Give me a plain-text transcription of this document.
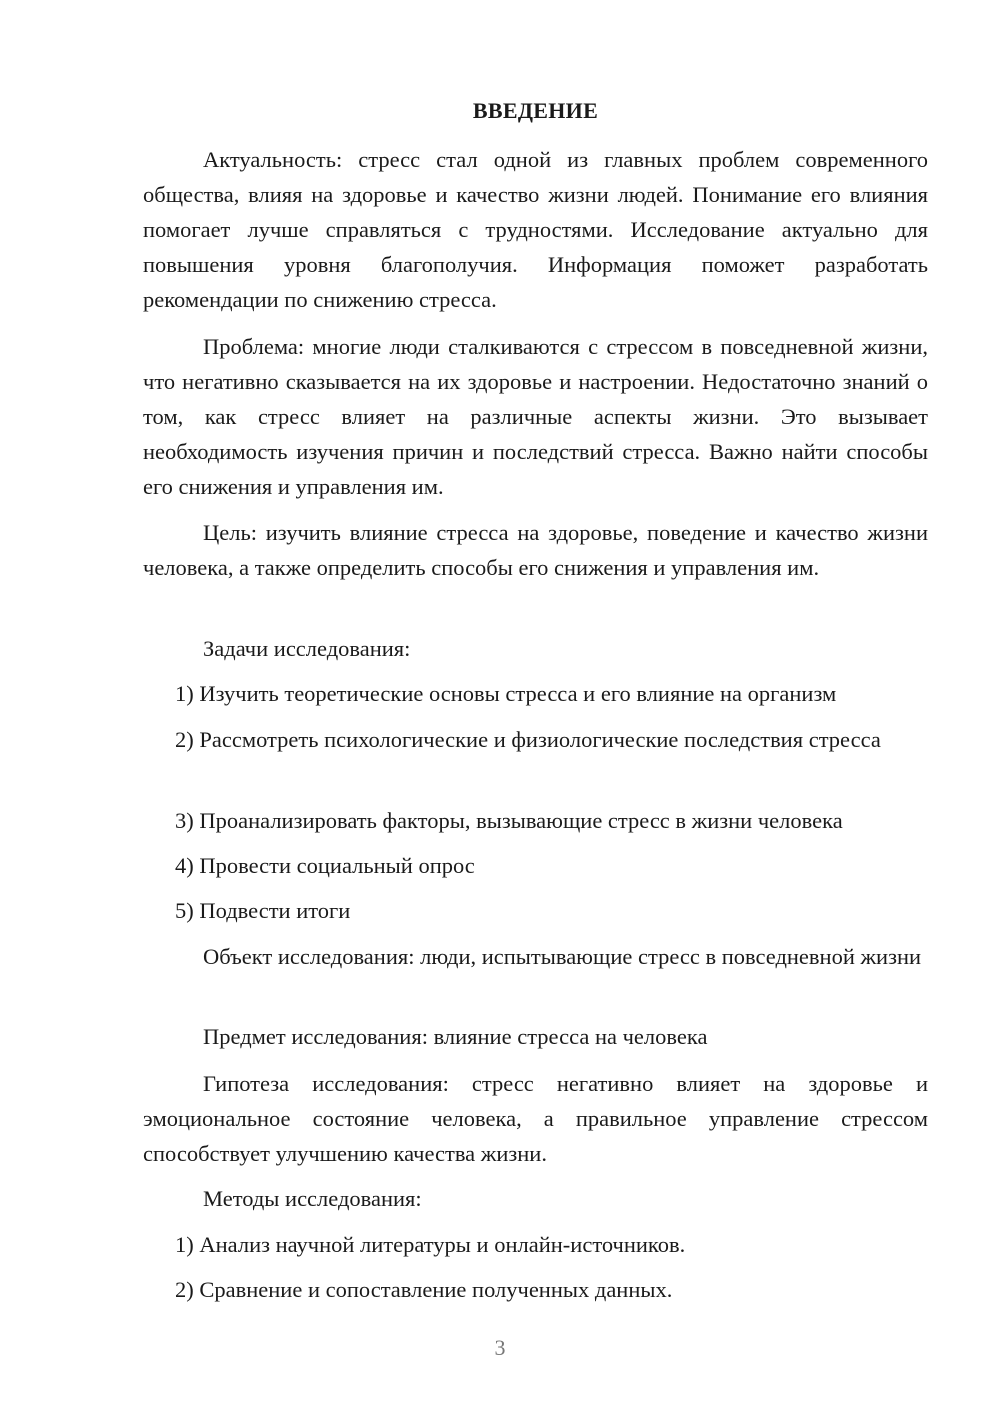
ВВЕДЕНИЕ

Актуальность: стресс стал одной из главных проблем современного общества, влияя на здоровье и качество жизни людей. Понимание его влияния помогает лучше справляться с трудностями. Исследование актуально для повышения уровня благополучия. Информация поможет разработать рекомендации по снижению стресса.

Проблема: многие люди сталкиваются с стрессом в повседневной жизни, что негативно сказывается на их здоровье и настроении. Недостаточно знаний о том, как стресс влияет на различные аспекты жизни. Это вызывает необходимость изучения причин и последствий стресса. Важно найти способы его снижения и управления им.

Цель: изучить влияние стресса на здоровье, поведение и качество жизни человека, а также определить способы его снижения и управления им.

Задачи исследования:

1) Изучить теоретические основы стресса и его влияние на организм

2) Рассмотреть психологические и физиологические последствия стресса

3) Проанализировать факторы, вызывающие стресс в жизни человека

4) Провести социальный опрос

5) Подвести итоги

Объект исследования: люди, испытывающие стресс в повседневной жизни

Предмет исследования: влияние стресса на человека

Гипотеза исследования: стресс негативно влияет на здоровье и эмоциональное состояние человека, а правильное управление стрессом способствует улучшению качества жизни.

Методы исследования:

1) Анализ научной литературы и онлайн-источников.

2) Сравнение и сопоставление полученных данных.

3
